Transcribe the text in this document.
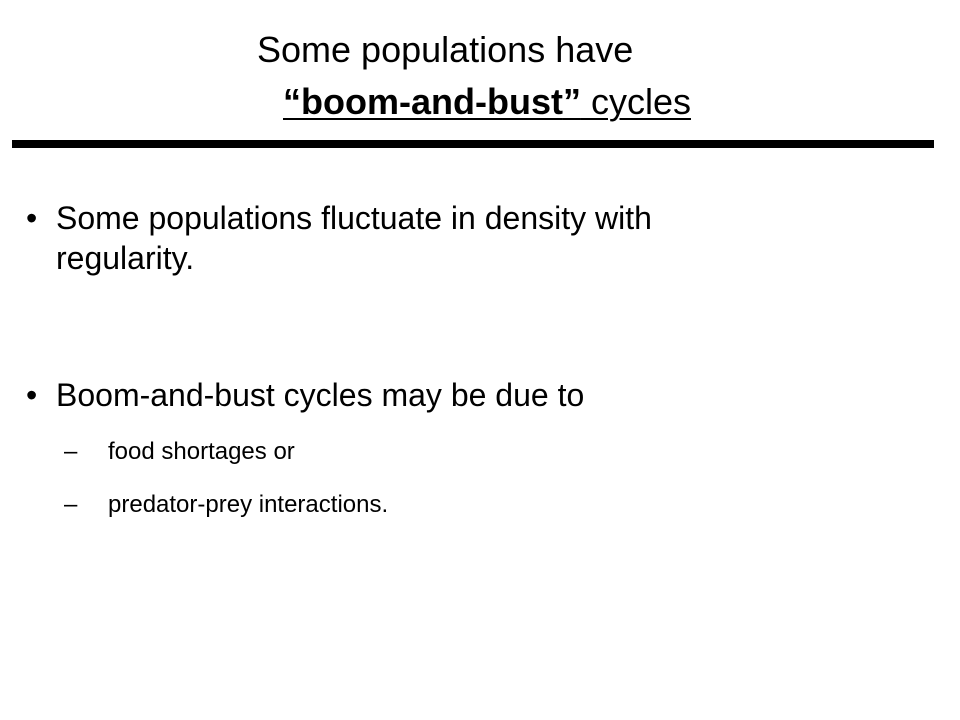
Some populations have
“boom-and-bust” cycles
• Some populations fluctuate in density with
regularity.
• Boom-and-bust cycles may be due to
– food shortages or
– predator-prey interactions.
